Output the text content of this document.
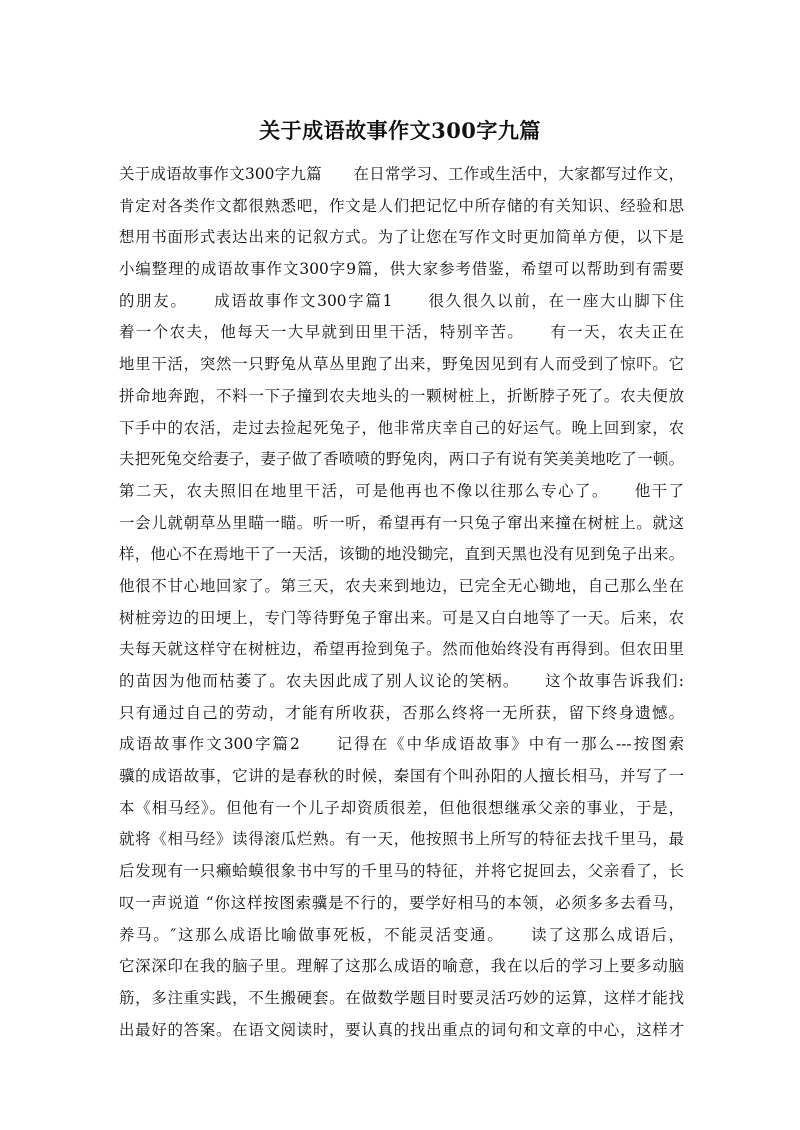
关于成语故事作文300字九篇
关于成语故事作文300字九篇　　在日常学习、工作或生活中，大家都写过作文，
肯定对各类作文都很熟悉吧，作文是人们把记忆中所存储的有关知识、经验和思
想用书面形式表达出来的记叙方式。为了让您在写作文时更加简单方便，以下是
小编整理的成语故事作文300字9篇，供大家参考借鉴，希望可以帮助到有需要
的朋友。　　成语故事作文300字篇1　　很久很久以前，在一座大山脚下住
着一个农夫，他每天一大早就到田里干活，特别辛苦。　　有一天，农夫正在
地里干活，突然一只野兔从草丛里跑了出来，野兔因见到有人而受到了惊吓。它
拼命地奔跑，不料一下子撞到农夫地头的一颗树桩上，折断脖子死了。农夫便放
下手中的农活，走过去捡起死兔子，他非常庆幸自己的好运气。晚上回到家，农
夫把死兔交给妻子，妻子做了香喷喷的野兔肉，两口子有说有笑美美地吃了一顿。
第二天，农夫照旧在地里干活，可是他再也不像以往那么专心了。　　他干了
一会儿就朝草丛里瞄一瞄。听一听，希望再有一只兔子窜出来撞在树桩上。就这
样，他心不在焉地干了一天活，该锄的地没锄完，直到天黑也没有见到兔子出来。
他很不甘心地回家了。第三天，农夫来到地边，已完全无心锄地，自己那么坐在
树桩旁边的田埂上，专门等待野兔子窜出来。可是又白白地等了一天。后来，农
夫每天就这样守在树桩边，希望再捡到兔子。然而他始终没有再得到。但农田里
的苗因为他而枯萎了。农夫因此成了别人议论的笑柄。　　这个故事告诉我们:
只有通过自己的劳动，才能有所收获，否那么终将一无所获，留下终身遗憾。
成语故事作文300字篇2　　记得在《中华成语故事》中有一那么---按图索
骥的成语故事，它讲的是春秋的时候，秦国有个叫孙阳的人擅长相马，并写了一
本《相马经》。但他有一个儿子却资质很差，但他很想继承父亲的事业，于是，
就将《相马经》读得滚瓜烂熟。有一天，他按照书上所写的特征去找千里马，最
后发现有一只癞蛤蟆很象书中写的千里马的特征，并将它捉回去，父亲看了，长
叹一声说道 “你这样按图索骥是不行的，要学好相马的本领，必须多多去看马，
养马。″这那么成语比喻做事死板，不能灵活变通。　　读了这那么成语后，
它深深印在我的脑子里。理解了这那么成语的喻意，我在以后的学习上要多动脑
筋，多注重实践，不生搬硬套。在做数学题目时要灵活巧妙的运算，这样才能找
出最好的答案。在语文阅读时，要认真的找出重点的词句和文章的中心，这样才
